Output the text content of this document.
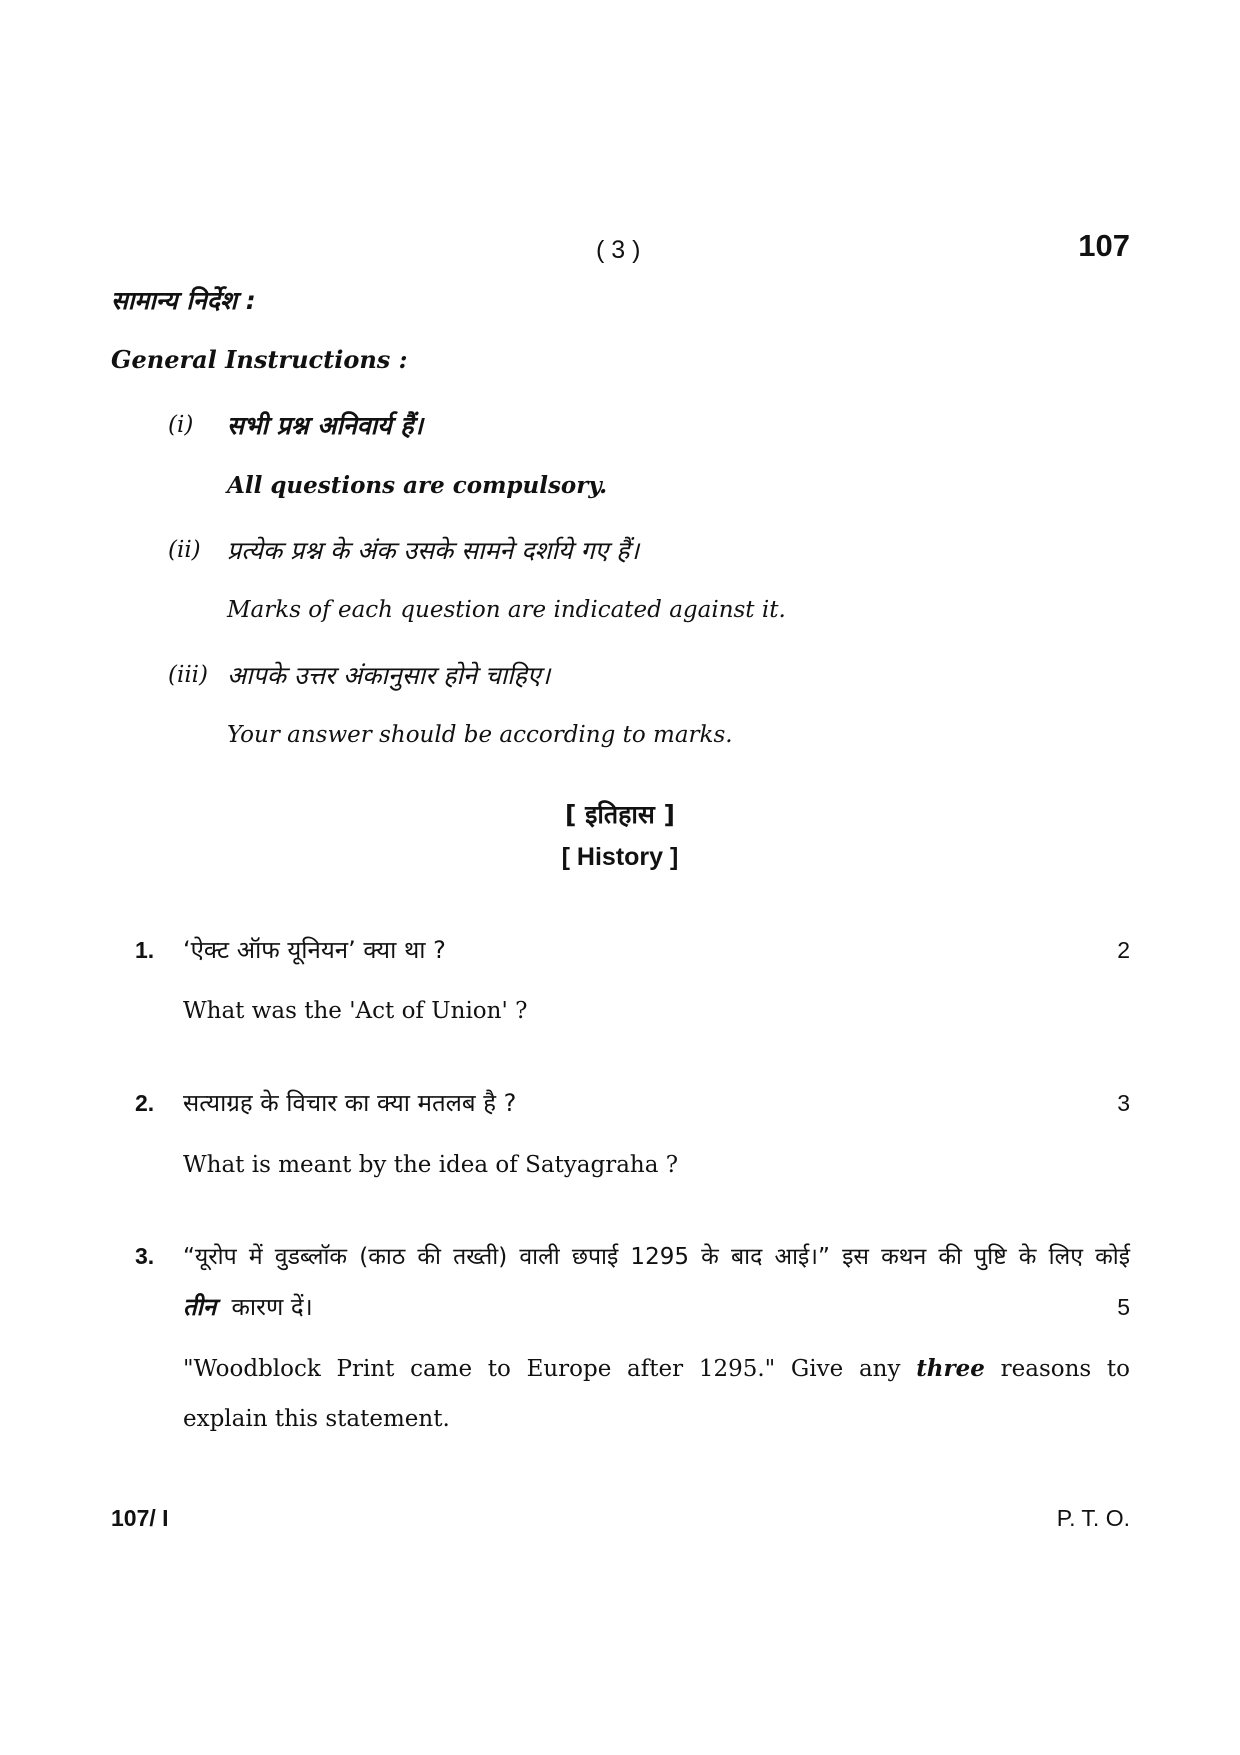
( 3 )	107
सामान्य निर्देश :
General Instructions :
(i) सभी प्रश्न अनिवार्य हैं।
All questions are compulsory.
(ii) प्रत्येक प्रश्न के अंक उसके सामने दर्शाये गए हैं।
Marks of each question are indicated against it.
(iii) आपके उत्तर अंकानुसार होने चाहिए।
Your answer should be according to marks.
[ इतिहास ]
[ History ]
1. ‘ऐक्ट ऑफ यूनियन’ क्या था ?	2
What was the 'Act of Union' ?
2. सत्याग्रह के विचार का क्या मतलब है ?	3
What is meant by the idea of Satyagraha ?
3. “यूरोप में वुडब्लॉक (काठ की तख्ती) वाली छपाई 1295 के बाद आई।” इस कथन की पुष्टि के लिए कोई
तीन कारण दें।	5
"Woodblock Print came to Europe after 1295." Give any three reasons to
explain this statement.
107/ I	P. T. O.
